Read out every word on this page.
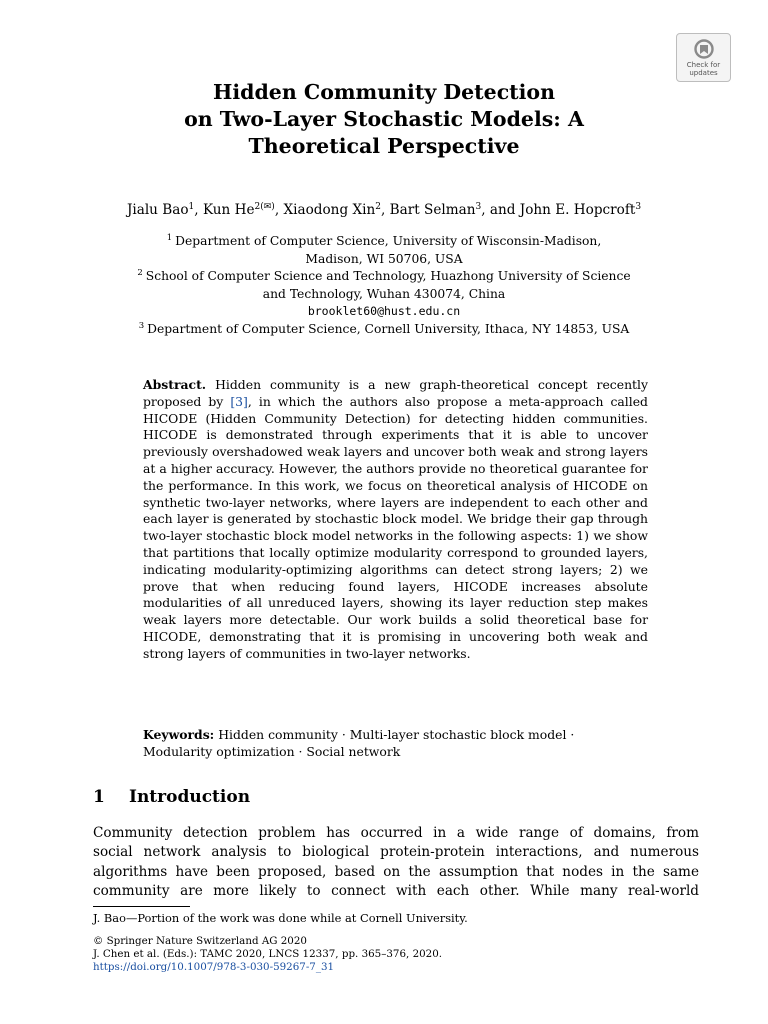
Check for
updates
Hidden Community Detection
on Two-Layer Stochastic Models: A
Theoretical Perspective
Jialu Bao$^1$, Kun $He^{2(✉)}$, Xiaodong Xin$^2$, Bart Selman$^3$, and John E. Hopcroft$^3$
$^1$ Department of Computer Science, University of Wisconsin-Madison,
Madison, WI 50706, USA
$^2$ School of Computer Science and Technology, Huazhong University of Science
and Technology, Wuhan 430074, China
brooklet60@hust.edu.cn
$^3$ Department of Computer Science, Cornell University, Ithaca, NY 14853, USA
Abstract. Hidden community is a new graph-theoretical concept recently proposed by [3], in which the authors also propose a meta-approach called HICODE (Hidden Community Detection) for detecting hidden communities. HICODE is demonstrated through experiments that it is able to uncover previously overshadowed weak layers and uncover both weak and strong layers at a higher accuracy. However, the authors provide no theoretical guarantee for the performance. In this work, we focus on theoretical analysis of HICODE on synthetic two-layer networks, where layers are independent to each other and each layer is generated by stochastic block model. We bridge their gap through two-layer stochastic block model networks in the following aspects: 1) we show that partitions that locally optimize modularity correspond to grounded layers, indicating modularity-optimizing algorithms can detect strong layers; 2) we prove that when reducing found layers, HICODE increases absolute modularities of all unreduced layers, showing its layer reduction step makes weak layers more detectable. Our work builds a solid theoretical base for HICODE, demonstrating that it is promising in uncovering both weak and strong layers of communities in two-layer networks.
Keywords: Hidden community · Multi-layer stochastic block model ·
Modularity optimization · Social network
1 Introduction
Community detection problem has occurred in a wide range of domains, from
social network analysis to biological protein-protein interactions, and numerous
algorithms have been proposed, based on the assumption that nodes in the same
community are more likely to connect with each other. While many real-world
J. Bao—Portion of the work was done while at Cornell University.
© Springer Nature Switzerland AG 2020
J. Chen et al. (Eds.): TAMC 2020, LNCS 12337, pp. 365–376, 2020.
https://doi.org/10.1007/978-3-030-59267-7_31
